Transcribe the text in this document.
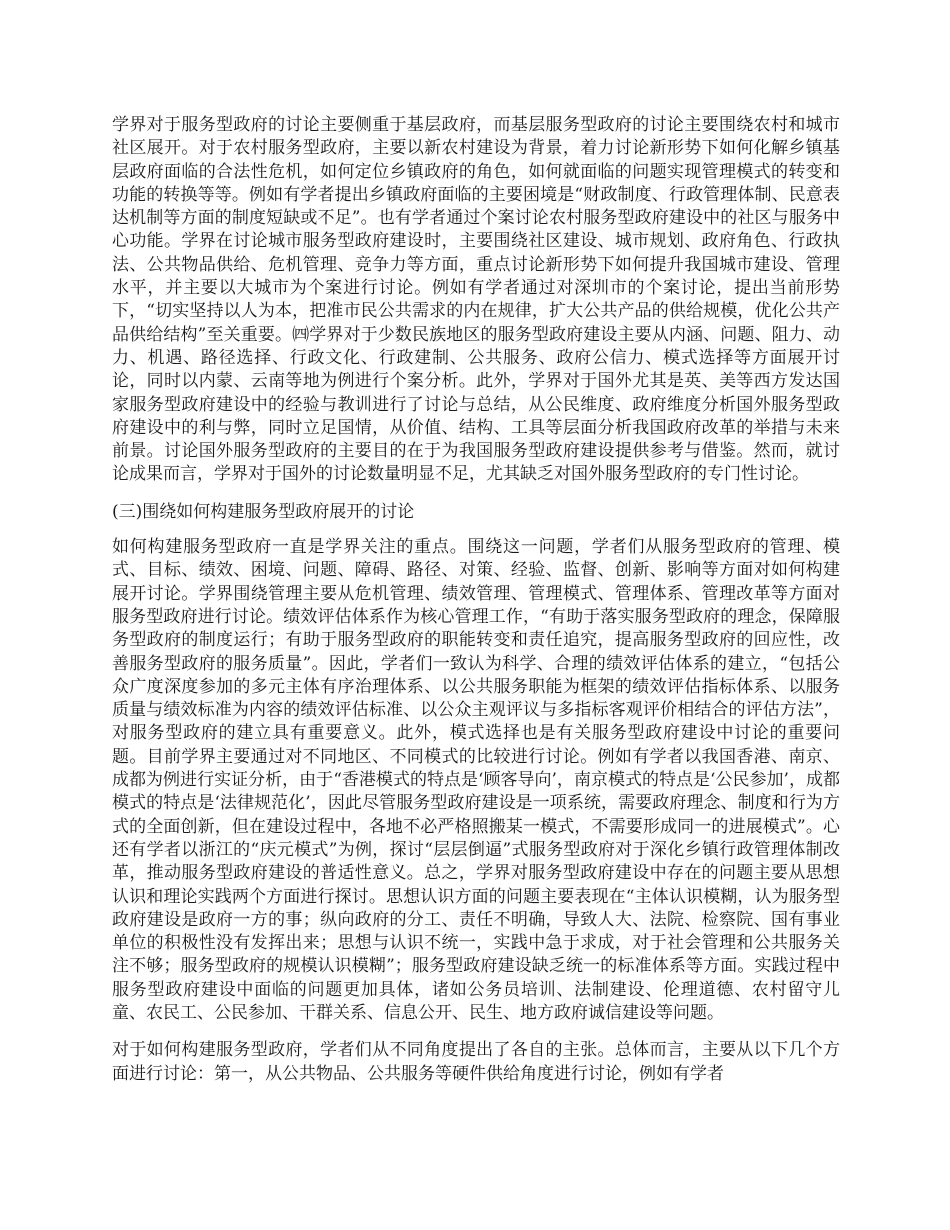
学界对于服务型政府的讨论主要侧重于基层政府，而基层服务型政府的讨论主要围绕农村和城市社区展开。对于农村服务型政府，主要以新农村建设为背景，着力讨论新形势下如何化解乡镇基层政府面临的合法性危机，如何定位乡镇政府的角色，如何就面临的问题实现管理模式的转变和功能的转换等等。例如有学者提出乡镇政府面临的主要困境是“财政制度、行政管理体制、民意表达机制等方面的制度短缺或不足”。也有学者通过个案讨论农村服务型政府建设中的社区与服务中心功能。学界在讨论城市服务型政府建设时，主要围绕社区建设、城市规划、政府角色、行政执法、公共物品供给、危机管理、竞争力等方面，重点讨论新形势下如何提升我国城市建设、管理水平，并主要以大城市为个案进行讨论。例如有学者通过对深圳市的个案讨论，提出当前形势下，“切实坚持以人为本，把准市民公共需求的内在规律，扩大公共产品的供给规模，优化公共产品供给结构”至关重要。㈣学界对于少数民族地区的服务型政府建设主要从内涵、问题、阻力、动力、机遇、路径选择、行政文化、行政建制、公共服务、政府公信力、模式选择等方面展开讨论，同时以内蒙、云南等地为例进行个案分析。此外，学界对于国外尤其是英、美等西方发达国家服务型政府建设中的经验与教训进行了讨论与总结，从公民维度、政府维度分析国外服务型政府建设中的利与弊，同时立足国情，从价值、结构、工具等层面分析我国政府改革的举措与未来前景。讨论国外服务型政府的主要目的在于为我国服务型政府建设提供参考与借鉴。然而，就讨论成果而言，学界对于国外的讨论数量明显不足，尤其缺乏对国外服务型政府的专门性讨论。

(三)围绕如何构建服务型政府展开的讨论

如何构建服务型政府一直是学界关注的重点。围绕这一问题，学者们从服务型政府的管理、模式、目标、绩效、困境、问题、障碍、路径、对策、经验、监督、创新、影响等方面对如何构建展开讨论。学界围绕管理主要从危机管理、绩效管理、管理模式、管理体系、管理改革等方面对服务型政府进行讨论。绩效评估体系作为核心管理工作，“有助于落实服务型政府的理念，保障服务型政府的制度运行；有助于服务型政府的职能转变和责任追究，提高服务型政府的回应性，改善服务型政府的服务质量”。因此，学者们一致认为科学、合理的绩效评估体系的建立，“包括公众广度深度参加的多元主体有序治理体系、以公共服务职能为框架的绩效评估指标体系、以服务质量与绩效标准为内容的绩效评估标准、以公众主观评议与多指标客观评价相结合的评估方法”，对服务型政府的建立具有重要意义。此外，模式选择也是有关服务型政府建设中讨论的重要问题。目前学界主要通过对不同地区、不同模式的比较进行讨论。例如有学者以我国香港、南京、成都为例进行实证分析，由于“香港模式的特点是‘顾客导向’，南京模式的特点是‘公民参加’，成都模式的特点是‘法律规范化’，因此尽管服务型政府建设是一项系统，需要政府理念、制度和行为方式的全面创新，但在建设过程中，各地不必严格照搬某一模式，不需要形成同一的进展模式”。心还有学者以浙江的“庆元模式”为例，探讨“层层倒逼”式服务型政府对于深化乡镇行政管理体制改革，推动服务型政府建设的普适性意义。总之，学界对服务型政府建设中存在的问题主要从思想认识和理论实践两个方面进行探讨。思想认识方面的问题主要表现在“主体认识模糊，认为服务型政府建设是政府一方的事；纵向政府的分工、责任不明确，导致人大、法院、检察院、国有事业单位的积极性没有发挥出来；思想与认识不统一，实践中急于求成，对于社会管理和公共服务关注不够；服务型政府的规模认识模糊”；服务型政府建设缺乏统一的标准体系等方面。实践过程中服务型政府建设中面临的问题更加具体，诸如公务员培训、法制建设、伦理道德、农村留守儿童、农民工、公民参加、干群关系、信息公开、民生、地方政府诚信建设等问题。

对于如何构建服务型政府，学者们从不同角度提出了各自的主张。总体而言，主要从以下几个方面进行讨论：第一，从公共物品、公共服务等硬件供给角度进行讨论，例如有学者
